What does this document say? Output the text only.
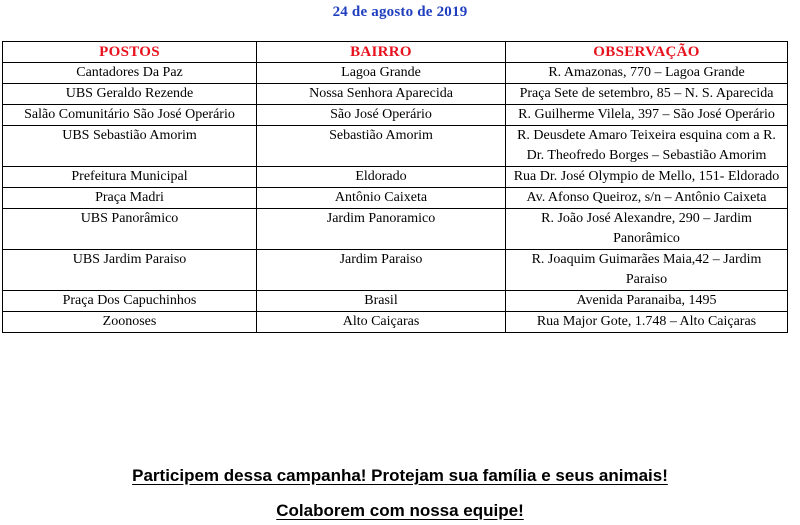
24 de agosto de 2019
POSTOS	BAIRRO	OBSERVAÇÃO
Cantadores Da Paz	Lagoa Grande	R. Amazonas, 770 – Lagoa Grande
UBS Geraldo Rezende	Nossa Senhora Aparecida	Praça Sete de setembro, 85 – N. S. Aparecida
Salão Comunitário São José Operário	São José Operário	R. Guilherme Vilela, 397 – São José Operário
UBS Sebastião Amorim	Sebastião Amorim	R. Deusdete Amaro Teixeira esquina com a R. Dr. Theofredo Borges – Sebastião Amorim
Prefeitura Municipal	Eldorado	Rua Dr. José Olympio de Mello, 151- Eldorado
Praça Madri	Antônio Caixeta	Av. Afonso Queiroz, s/n – Antônio Caixeta
UBS Panorâmico	Jardim Panoramico	R. João José Alexandre, 290 – Jardim Panorâmico
UBS Jardim Paraiso	Jardim Paraiso	R. Joaquim Guimarães Maia,42 – Jardim Paraiso
Praça Dos Capuchinhos	Brasil	Avenida Paranaiba, 1495
Zoonoses	Alto Caiçaras	Rua Major Gote, 1.748 – Alto Caiçaras
Participem dessa campanha! Protejam sua família e seus animais!
Colaborem com nossa equipe!
